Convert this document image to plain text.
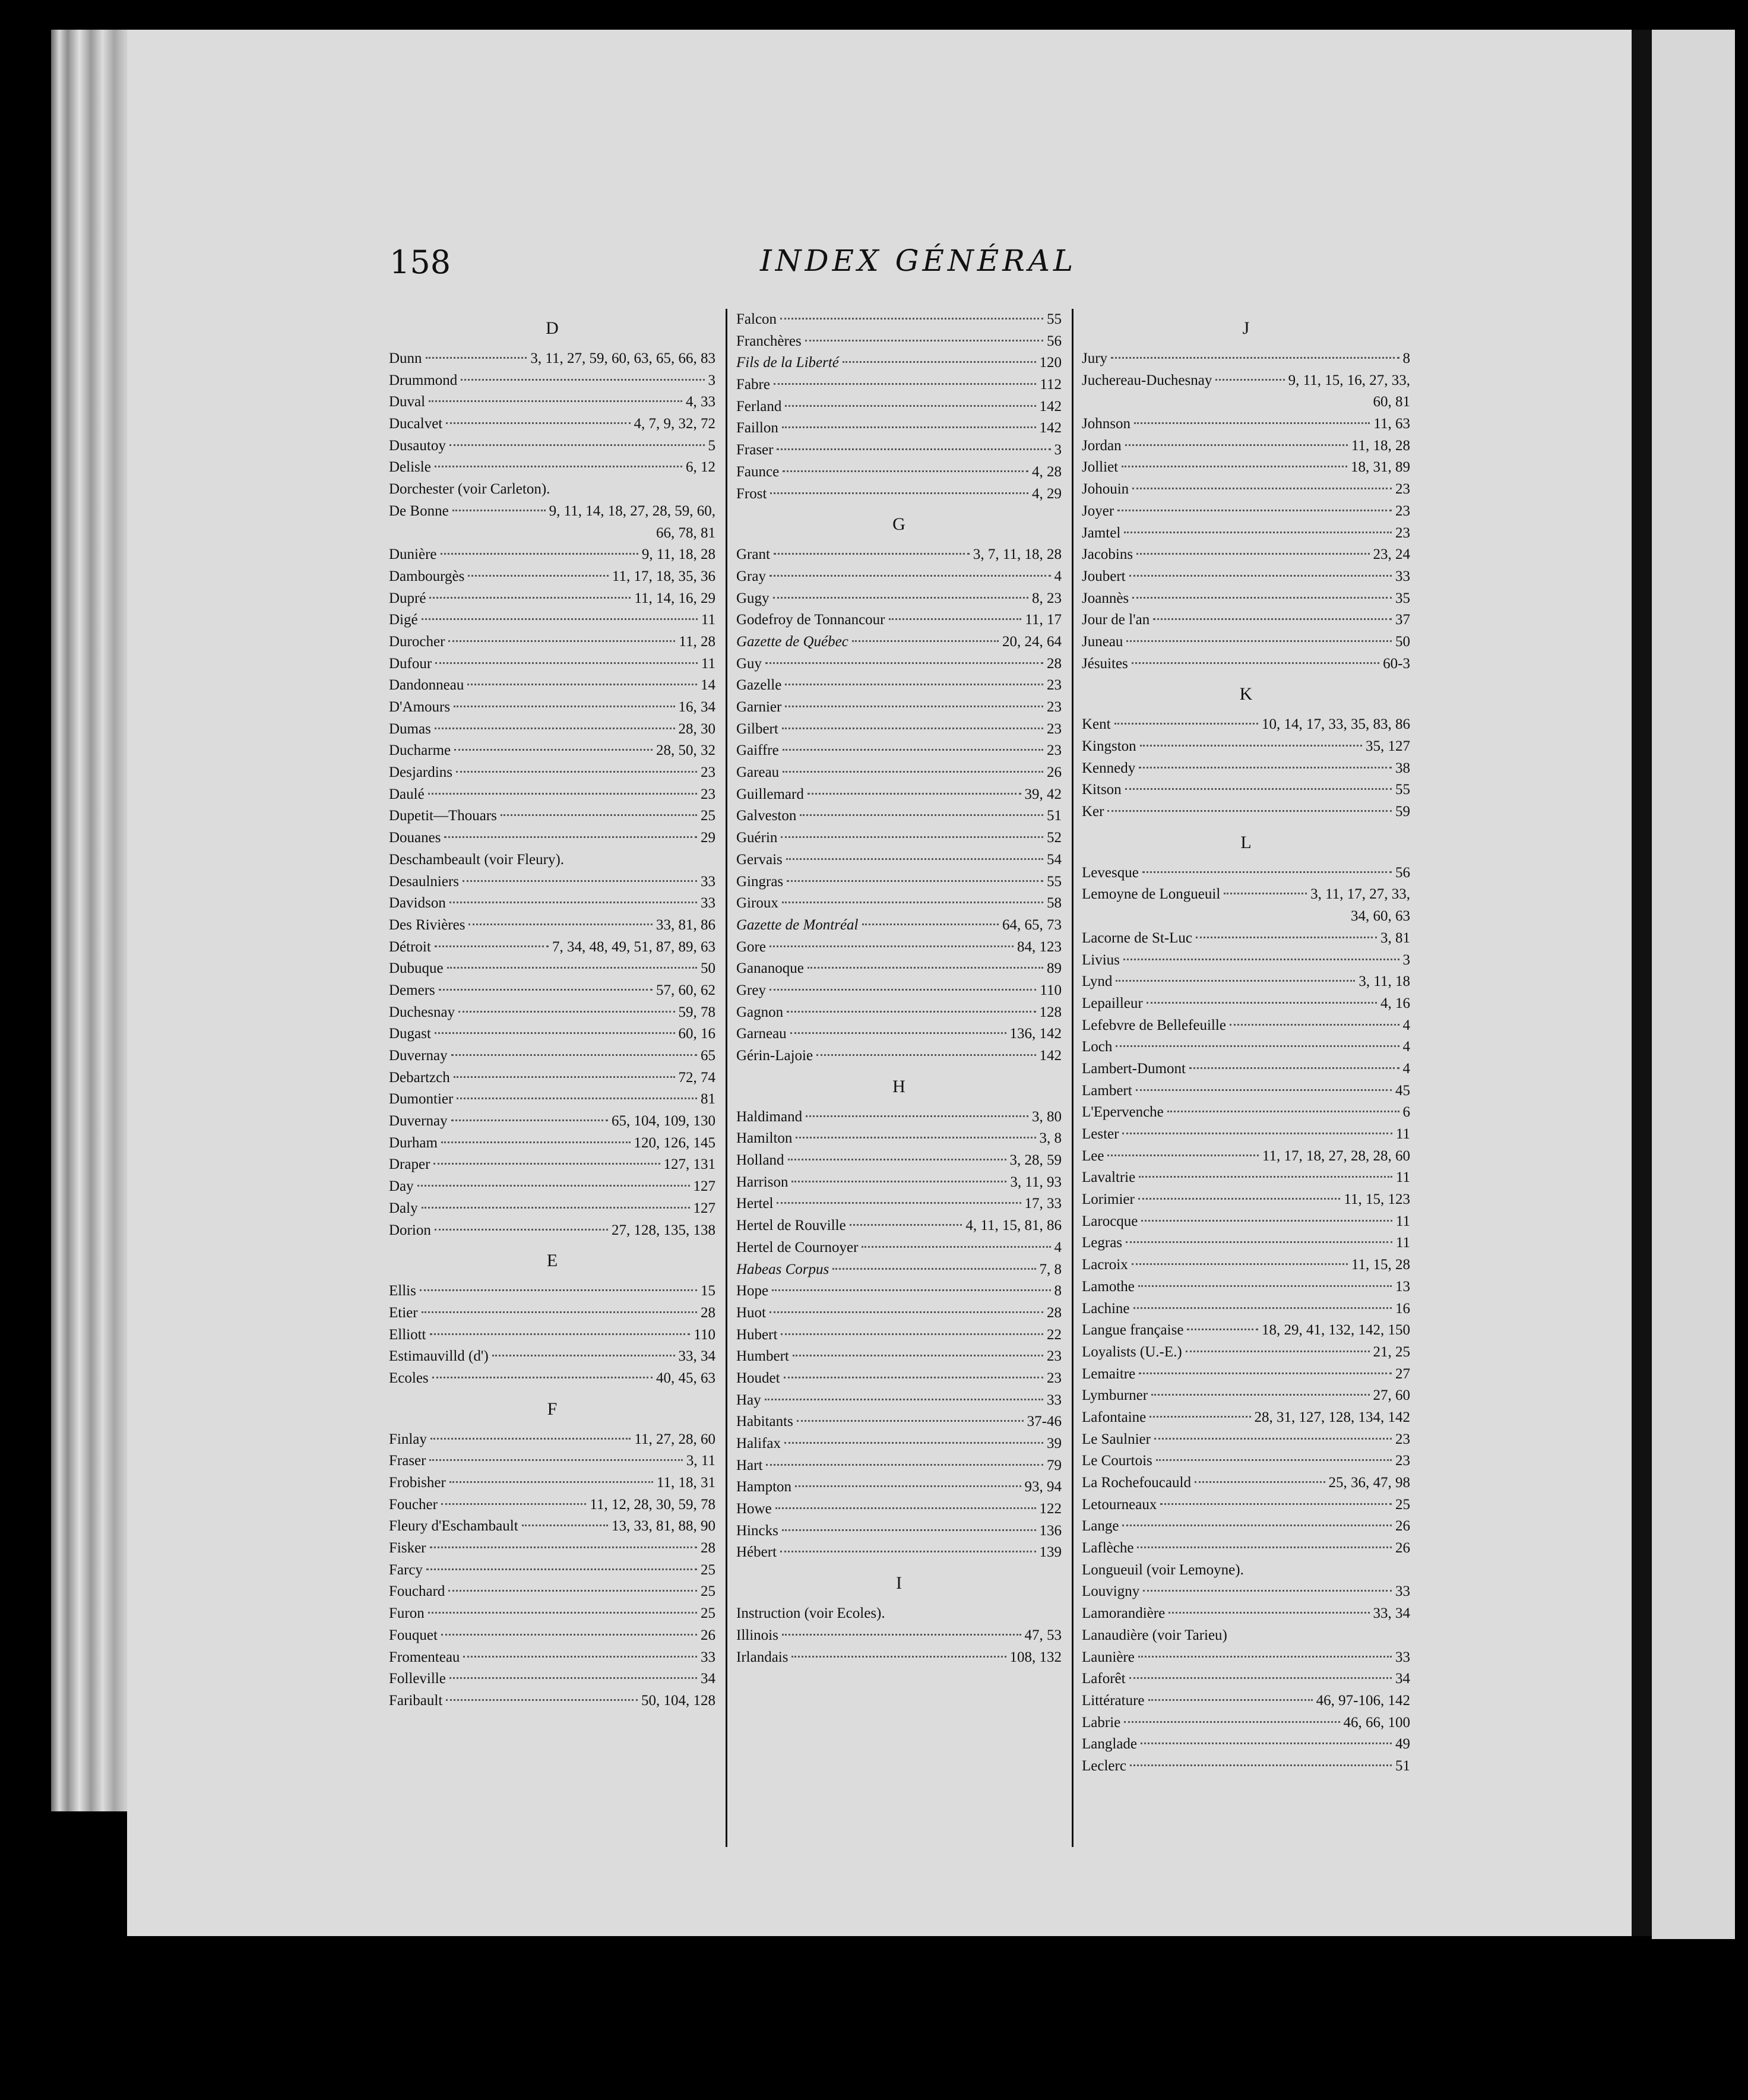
158	INDEX GÉNÉRAL
D
Dunn	3, 11, 27, 59, 60, 63, 65, 66, 83
Drummond	3
Duval	4, 33
Ducalvet	4, 7, 9, 32, 72
Dusautoy	5
Delisle	6, 12
Dorchester (voir Carleton).
De Bonne	9, 11, 14, 18, 27, 28, 59, 60,
66, 78, 81
Dunière	9, 11, 18, 28
Dambourgès	11, 17, 18, 35, 36
Dupré	11, 14, 16, 29
Digé	11
Durocher	11, 28
Dufour	11
Dandonneau	14
D'Amours	16, 34
Dumas	28, 30
Ducharme	28, 50, 32
Desjardins	23
Daulé	23
Dupetit—Thouars	25
Douanes	29
Deschambeault (voir Fleury).
Desaulniers	33
Davidson	33
Des Rivières	33, 81, 86
Détroit	7, 34, 48, 49, 51, 87, 89, 63
Dubuque	50
Demers	57, 60, 62
Duchesnay	59, 78
Dugast	60, 16
Duvernay	65
Debartzch	72, 74
Dumontier	81
Duvernay	65, 104, 109, 130
Durham	120, 126, 145
Draper	127, 131
Day	127
Daly	127
Dorion	27, 128, 135, 138
E
Ellis	15
Etier	28
Elliott	110
Estimauvilld (d')	33, 34
Ecoles	40, 45, 63
F
Finlay	11, 27, 28, 60
Fraser	3, 11
Frobisher	11, 18, 31
Foucher	11, 12, 28, 30, 59, 78
Fleury d'Eschambault	13, 33, 81, 88, 90
Fisker	28
Farcy	25
Fouchard	25
Furon	25
Fouquet	26
Fromenteau	33
Folleville	34
Faribault	50, 104, 128
Falcon	55
Franchères	56
Fils de la Liberté	120
Fabre	112
Ferland	142
Faillon	142
Fraser	3
Faunce	4, 28
Frost	4, 29
G
Grant	3, 7, 11, 18, 28
Gray	4
Gugy	8, 23
Godefroy de Tonnancour	11, 17
Gazette de Québec	20, 24, 64
Guy	28
Gazelle	23
Garnier	23
Gilbert	23
Gaiffre	23
Gareau	26
Guillemard	39, 42
Galveston	51
Guérin	52
Gervais	54
Gingras	55
Giroux	58
Gazette de Montréal	64, 65, 73
Gore	84, 123
Gananoque	89
Grey	110
Gagnon	128
Garneau	136, 142
Gérin-Lajoie	142
H
Haldimand	3, 80
Hamilton	3, 8
Holland	3, 28, 59
Harrison	3, 11, 93
Hertel	17, 33
Hertel de Rouville	4, 11, 15, 81, 86
Hertel de Cournoyer	4
Habeas Corpus	7, 8
Hope	8
Huot	28
Hubert	22
Humbert	23
Houdet	23
Hay	33
Habitants	37-46
Halifax	39
Hart	79
Hampton	93, 94
Howe	122
Hincks	136
Hébert	139
I
Instruction (voir Ecoles).
Illinois	47, 53
Irlandais	108, 132
J
Jury	8
Juchereau-Duchesnay	9, 11, 15, 16, 27, 33,
60, 81
Johnson	11, 63
Jordan	11, 18, 28
Jolliet	18, 31, 89
Johouin	23
Joyer	23
Jamtel	23
Jacobins	23, 24
Joubert	33
Joannès	35
Jour de l'an	37
Juneau	50
Jésuites	60-3
K
Kent	10, 14, 17, 33, 35, 83, 86
Kingston	35, 127
Kennedy	38
Kitson	55
Ker	59
L
Levesque	56
Lemoyne de Longueuil	3, 11, 17, 27, 33,
34, 60, 63
Lacorne de St-Luc	3, 81
Livius	3
Lynd	3, 11, 18
Lepailleur	4, 16
Lefebvre de Bellefeuille	4
Loch	4
Lambert-Dumont	4
Lambert	45
L'Epervenche	6
Lester	11
Lee	11, 17, 18, 27, 28, 28, 60
Lavaltrie	11
Lorimier	11, 15, 123
Larocque	11
Legras	11
Lacroix	11, 15, 28
Lamothe	13
Lachine	16
Langue française	18, 29, 41, 132, 142, 150
Loyalists (U.-E.)	21, 25
Lemaitre	27
Lymburner	27, 60
Lafontaine	28, 31, 127, 128, 134, 142
Le Saulnier	23
Le Courtois	23
La Rochefoucauld	25, 36, 47, 98
Letourneaux	25
Lange	26
Laflèche	26
Longueuil (voir Lemoyne).
Louvigny	33
Lamorandière	33, 34
Lanaudière (voir Tarieu)
Launière	33
Laforêt	34
Littérature	46, 97-106, 142
Labrie	46, 66, 100
Langlade	49
Leclerc	51
